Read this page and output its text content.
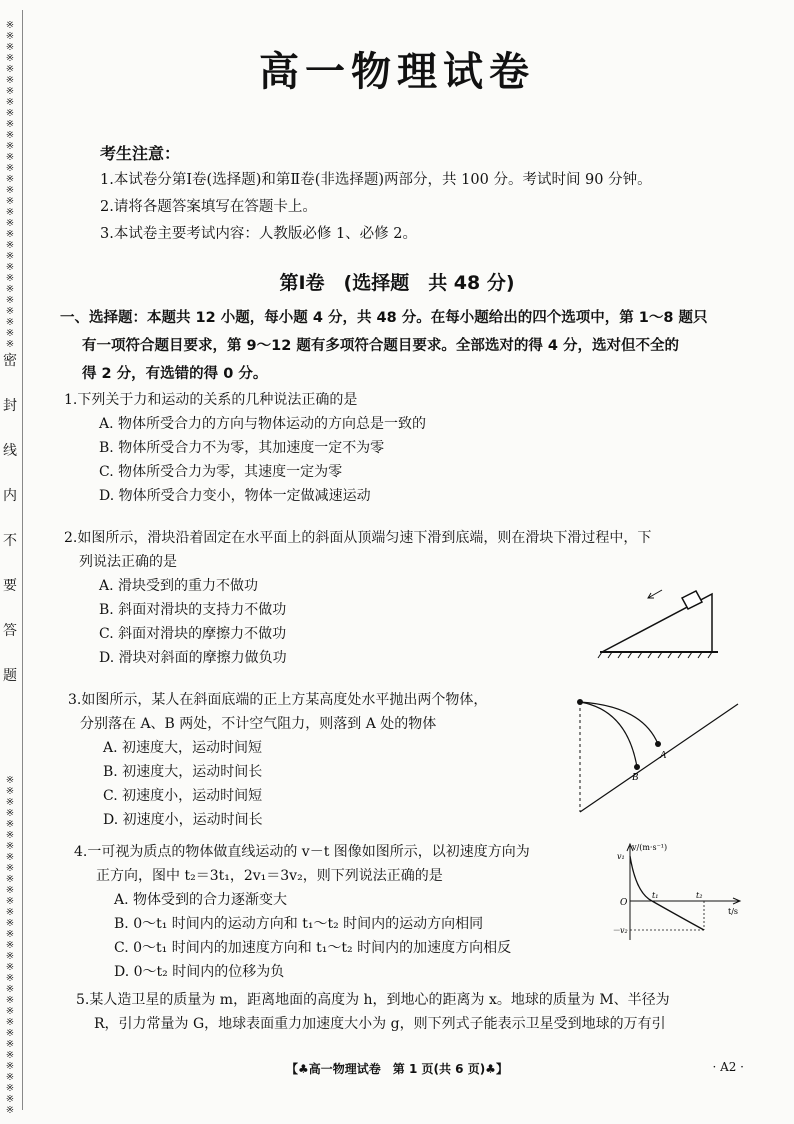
※※※※※※※※※※※※※※※※※※※※※※※※※※※※※※
密
封
线
内
不
要
答
题
※※※※※※※※※※※※※※※※※※※※※※※※※※※※※※※
高一物理试卷
考生注意：
1.本试卷分第Ⅰ卷(选择题)和第Ⅱ卷(非选择题)两部分，共 100 分。考试时间 90 分钟。
2.请将各题答案填写在答题卡上。
3.本试卷主要考试内容：人教版必修 1、必修 2。
第Ⅰ卷　(选择题　共 48 分)
一、选择题：本题共 12 小题，每小题 4 分，共 48 分。在每小题给出的四个选项中，第 1～8 题只
有一项符合题目要求，第 9～12 题有多项符合题目要求。全部选对的得 4 分，选对但不全的
得 2 分，有选错的得 0 分。
1.下列关于力和运动的关系的几种说法正确的是
A. 物体所受合力的方向与物体运动的方向总是一致的
B. 物体所受合力不为零，其加速度一定不为零
C. 物体所受合力为零，其速度一定为零
D. 物体所受合力变小，物体一定做减速运动
2.如图所示，滑块沿着固定在水平面上的斜面从顶端匀速下滑到底端，则在滑块下滑过程中，下
列说法正确的是
A. 滑块受到的重力不做功
B. 斜面对滑块的支持力不做功
C. 斜面对滑块的摩擦力不做功
D. 滑块对斜面的摩擦力做负功
3.如图所示，某人在斜面底端的正上方某高度处水平抛出两个物体，
分别落在 A、B 两处，不计空气阻力，则落到 A 处的物体
A. 初速度大，运动时间短
B. 初速度大，运动时间长
C. 初速度小，运动时间短
D. 初速度小，运动时间长
A
B
4.一可视为质点的物体做直线运动的 v－t 图像如图所示，以初速度方向为
正方向，图中 t₂＝3t₁，2v₁＝3v₂，则下列说法正确的是
A. 物体受到的合力逐渐变大
B. 0～t₁ 时间内的运动方向和 t₁～t₂ 时间内的运动方向相同
C. 0～t₁ 时间内的加速度方向和 t₁～t₂ 时间内的加速度方向相反
D. 0～t₂ 时间内的位移为负
v/(m·s⁻¹)
t/s
v₁
－v₂
O
t₁	t₂
5.某人造卫星的质量为 m，距离地面的高度为 h，到地心的距离为 x。地球的质量为 M、半径为
R，引力常量为 G，地球表面重力加速度大小为 g，则下列式子能表示卫星受到地球的万有引
【♣高一物理试卷　第 1 页(共 6 页)♣】	· A2 ·
